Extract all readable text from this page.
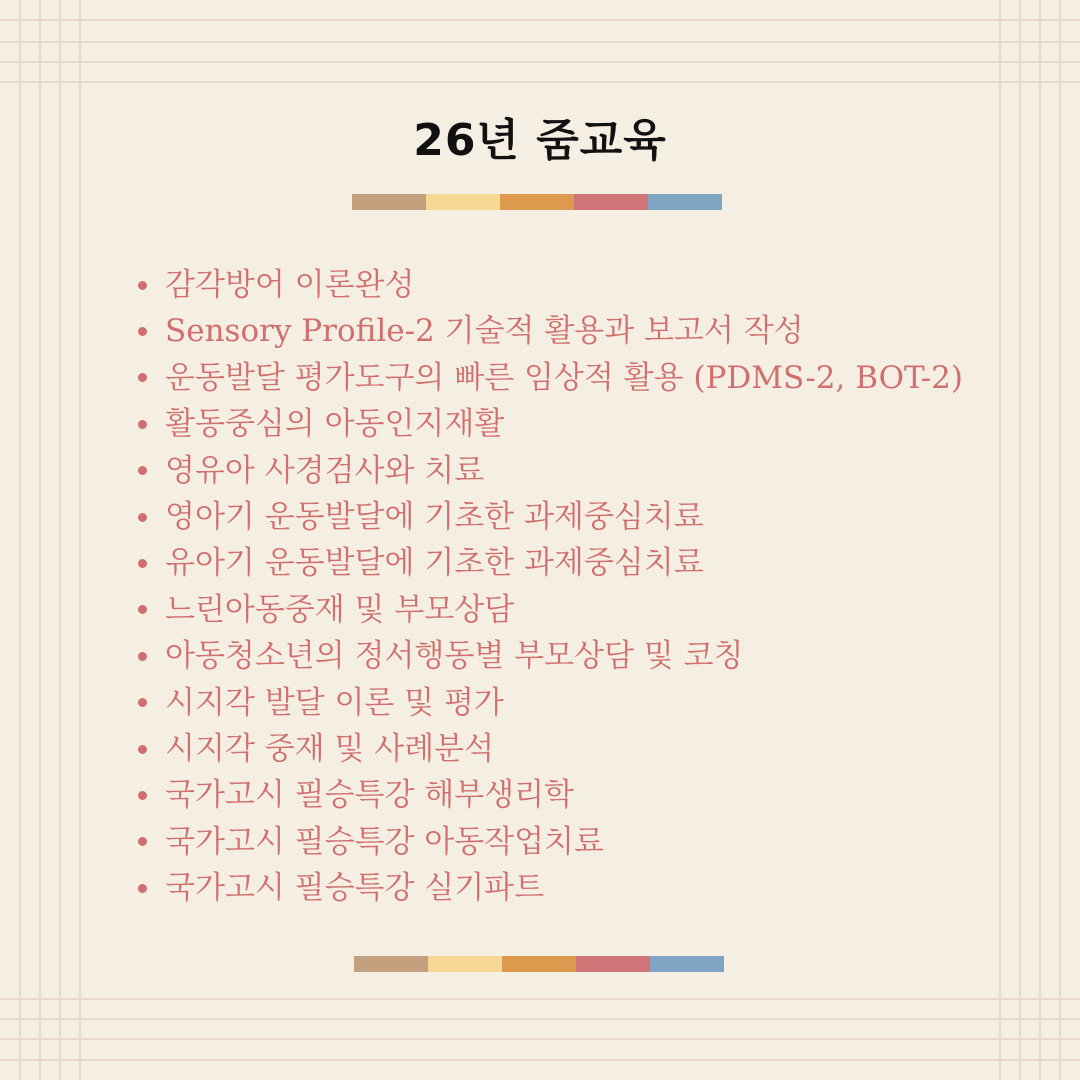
26년 줌교육
감각방어 이론완성
Sensory Profile-2 기술적 활용과 보고서 작성
운동발달 평가도구의 빠른 임상적 활용 (PDMS-2, BOT-2)
활동중심의 아동인지재활
영유아 사경검사와 치료
영아기 운동발달에 기초한 과제중심치료
유아기 운동발달에 기초한 과제중심치료
느린아동중재 및 부모상담
아동청소년의 정서행동별 부모상담 및 코칭
시지각 발달 이론 및 평가
시지각 중재 및 사례분석
국가고시 필승특강 해부생리학
국가고시 필승특강 아동작업치료
국가고시 필승특강 실기파트
